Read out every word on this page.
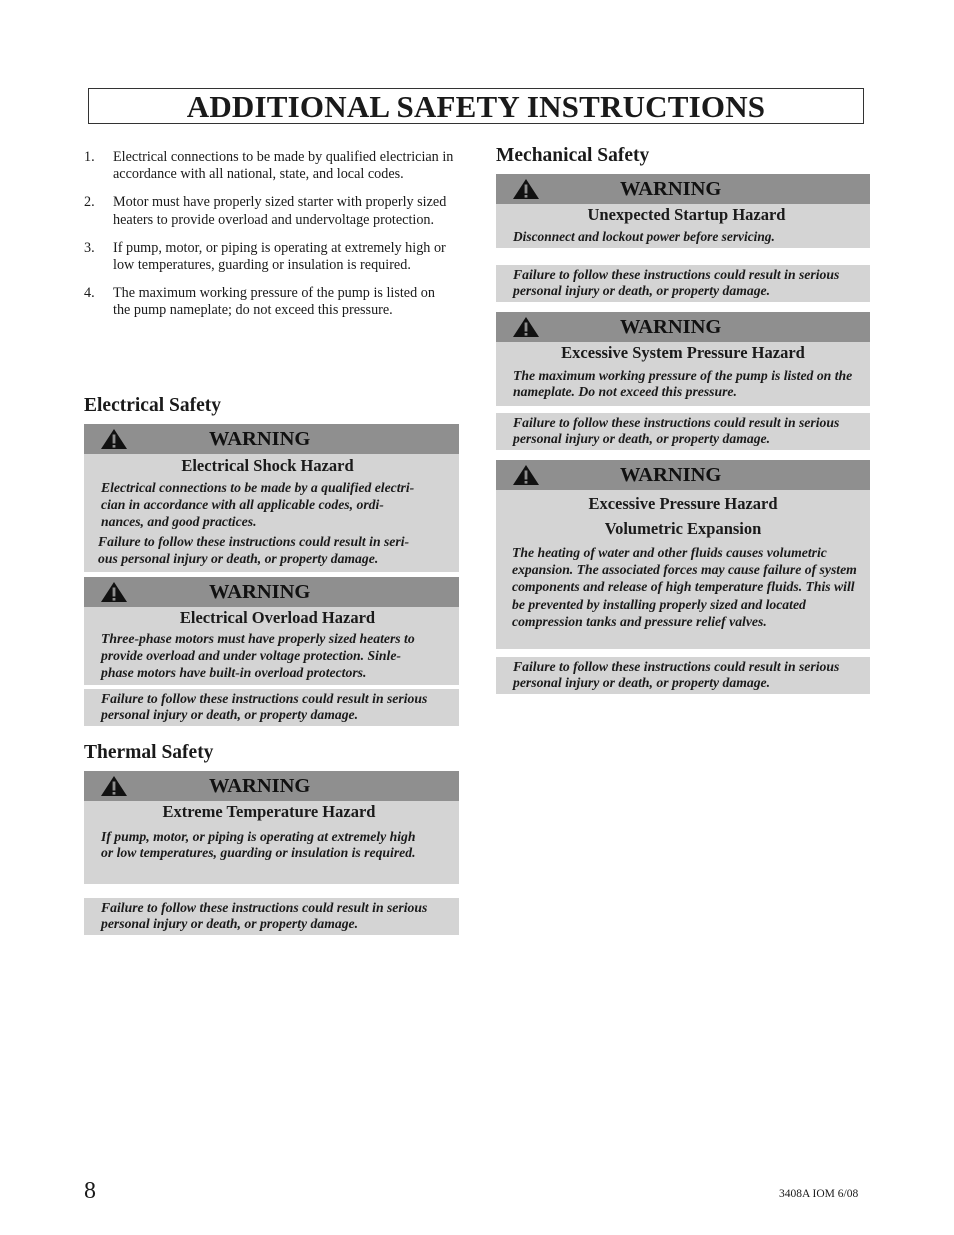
ADDITIONAL SAFETY INSTRUCTIONS
1. Electrical connections to be made by qualified electrician in accordance with all national, state, and local codes.
2. Motor must have properly sized starter with properly sized heaters to provide overload and undervoltage protection.
3. If pump, motor, or piping is operating at extremely high or low temperatures, guarding or insulation is required.
4. The maximum working pressure of the pump is listed on the pump nameplate; do not exceed this pressure.
Electrical Safety
WARNING
Electrical Shock Hazard
Electrical connections to be made by a qualified electri-
cian in accordance with all applicable codes, ordi-
nances, and good practices.
Failure to follow these instructions could result in seri-
ous personal injury or death, or property damage.
WARNING
Electrical Overload Hazard
Three-phase motors must have properly sized heaters to
provide overload and under voltage protection. Sinle-
phase motors have built-in overload protectors.
Failure to follow these instructions could result in serious personal injury or death, or property damage.
Thermal Safety
WARNING
Extreme Temperature Hazard
If pump, motor, or piping is operating at extremely high or low temperatures, guarding or insulation is required.
Failure to follow these instructions could result in serious personal injury or death, or property damage.
Mechanical Safety
WARNING
Unexpected Startup Hazard
Disconnect and lockout power before servicing.
Failure to follow these instructions could result in serious personal injury or death, or property damage.
WARNING
Excessive System Pressure Hazard
The maximum working pressure of the pump is listed on the nameplate. Do not exceed this pressure.
Failure to follow these instructions could result in serious personal injury or death, or property damage.
WARNING
Excessive Pressure Hazard
Volumetric Expansion
The heating of water and other fluids causes volumetric expansion. The associated forces may cause failure of system components and release of high temperature fluids. This will be prevented by installing properly sized and located compression tanks and pressure relief valves.
Failure to follow these instructions could result in serious personal injury or death, or property damage.
8	3408A IOM 6/08
